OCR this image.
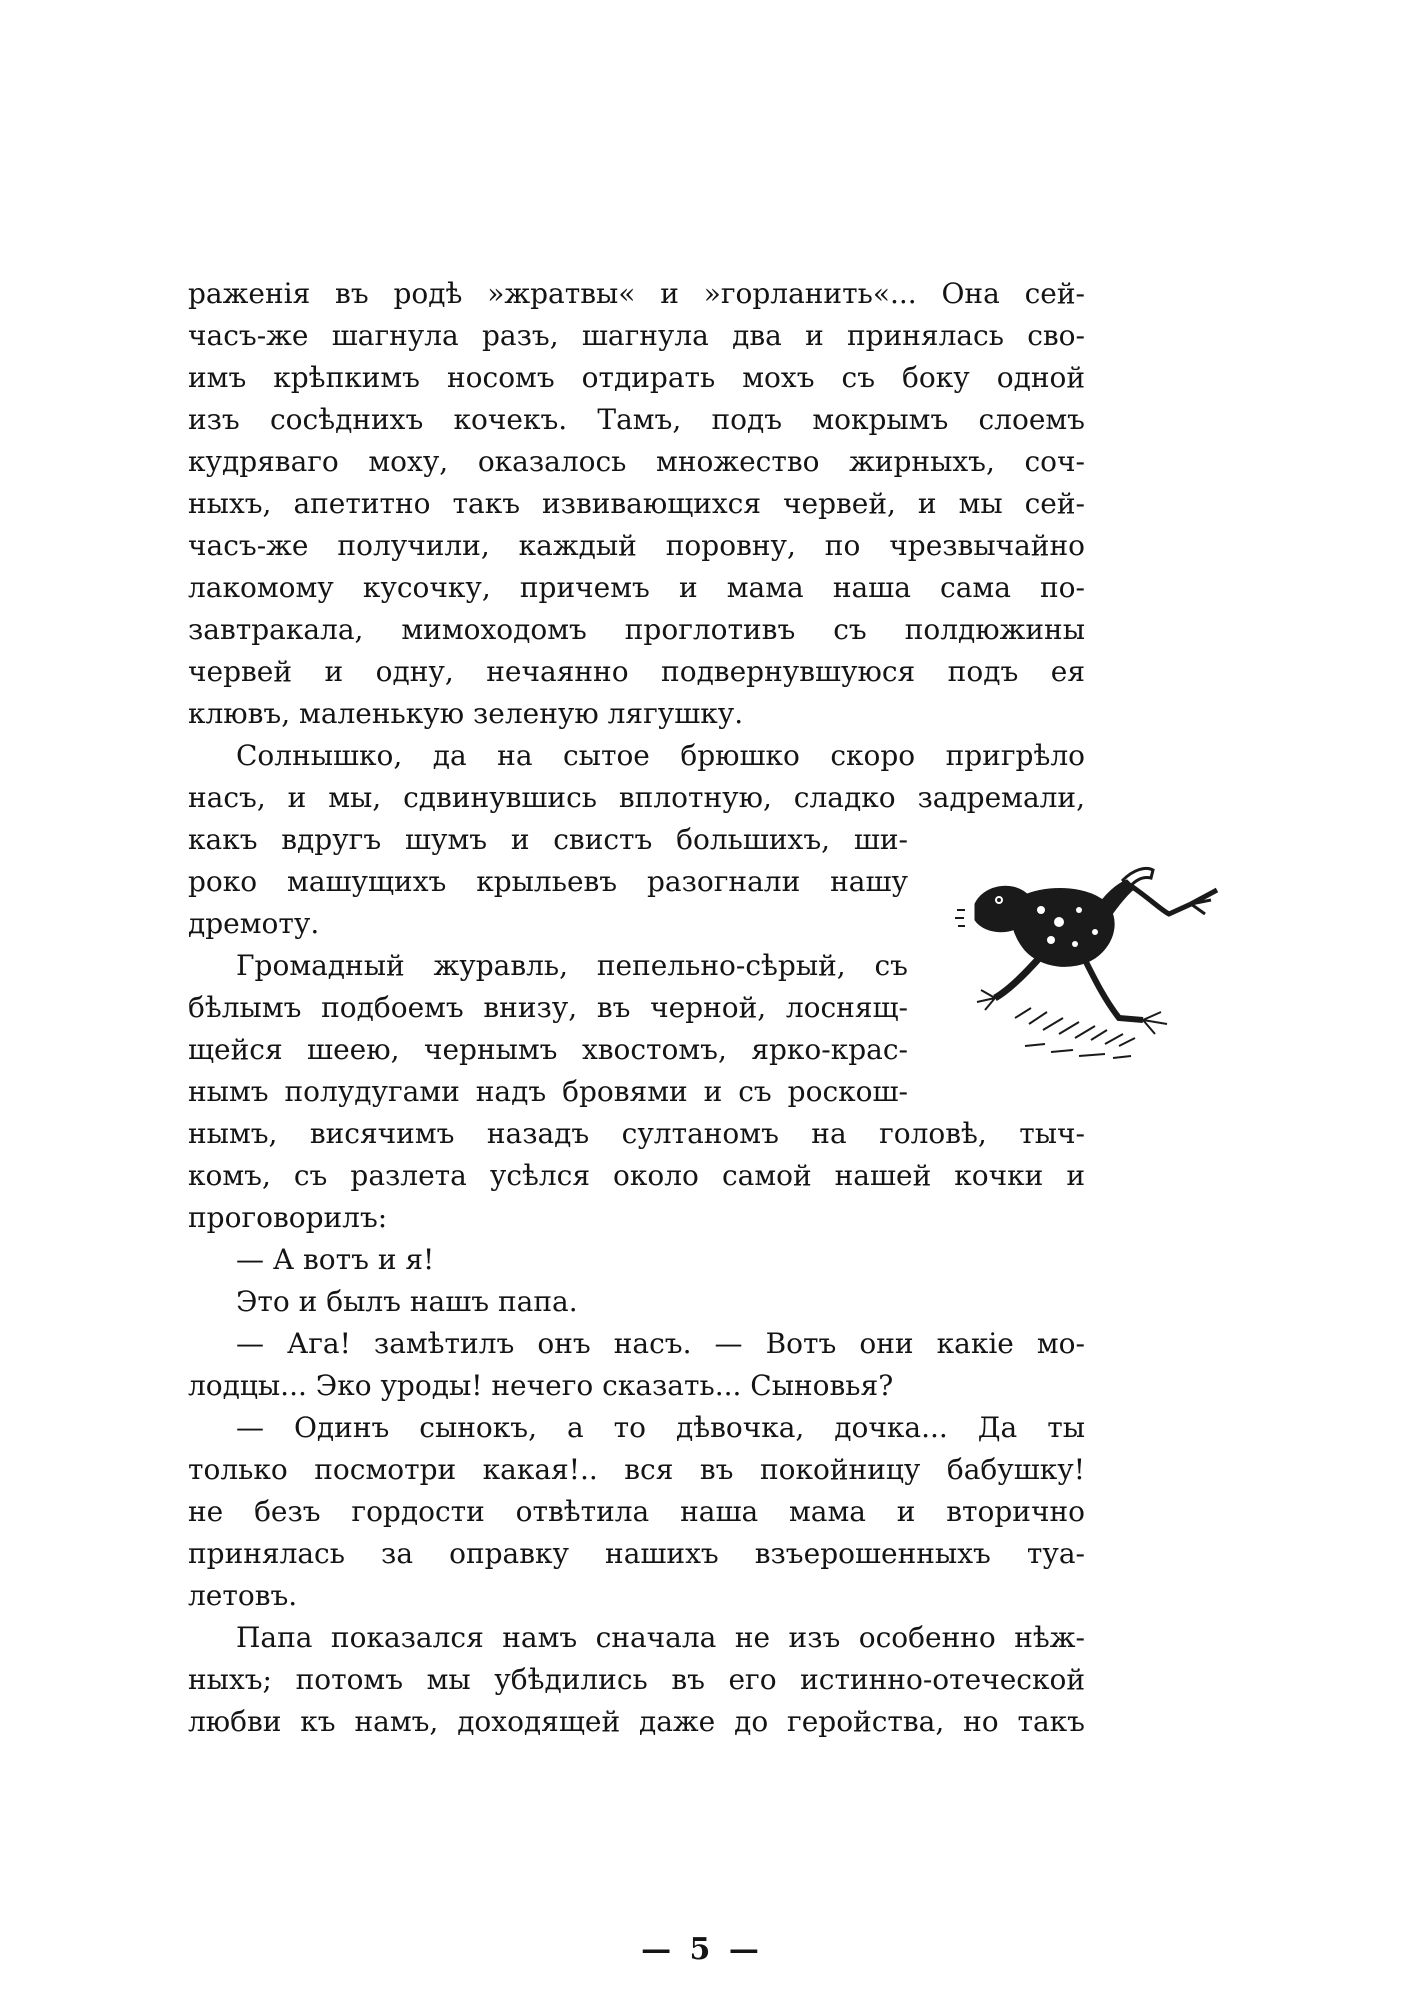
раженія въ родѣ »жратвы« и »горланить«... Она сей-
часъ-же шагнула разъ, шагнула два и принялась сво-
имъ крѣпкимъ носомъ отдирать мохъ съ боку одной
изъ сосѣднихъ кочекъ. Тамъ, подъ мокрымъ слоемъ
кудряваго моху, оказалось множество жирныхъ, соч-
ныхъ, апетитно такъ извивающихся червей, и мы сей-
часъ-же получили, каждый поровну, по чрезвычайно
лакомому кусочку, причемъ и мама наша сама по-
завтракала, мимоходомъ проглотивъ съ полдюжины
червей и одну, нечаянно подвернувшуюся подъ ея
клювъ, маленькую зеленую лягушку.
Солнышко, да на сытое брюшко скоро пригрѣло
насъ, и мы, сдвинувшись вплотную, сладко задремали,
какъ вдругъ шумъ и свистъ большихъ, ши-
роко машущихъ крыльевъ разогнали нашу
дремоту.
Громадный журавль, пепельно-сѣрый, съ
бѣлымъ подбоемъ внизу, въ черной, лоснящ-
щейся шеею, чернымъ хвостомъ, ярко-крас-
нымъ полудугами надъ бровями и съ роскош-
нымъ, висячимъ назадъ султаномъ на головѣ, тыч-
комъ, съ разлета усѣлся около самой нашей кочки и
проговорилъ:
— А вотъ и я!
Это и былъ нашъ папа.
— Ага! замѣтилъ онъ насъ. — Вотъ они какіе мо-
лодцы... Эко уроды! нечего сказать... Сыновья?
— Одинъ сынокъ, а то дѣвочка, дочка... Да ты
только посмотри какая!.. вся въ покойницу бабушку!
не безъ гордости отвѣтила наша мама и вторично
принялась за оправку нашихъ взъерошенныхъ туа-
летовъ.
Папа показался намъ сначала не изъ особенно нѣж-
ныхъ; потомъ мы убѣдились въ его истинно-отеческой
любви къ намъ, доходящей даже до геройства, но такъ
— 5 —
